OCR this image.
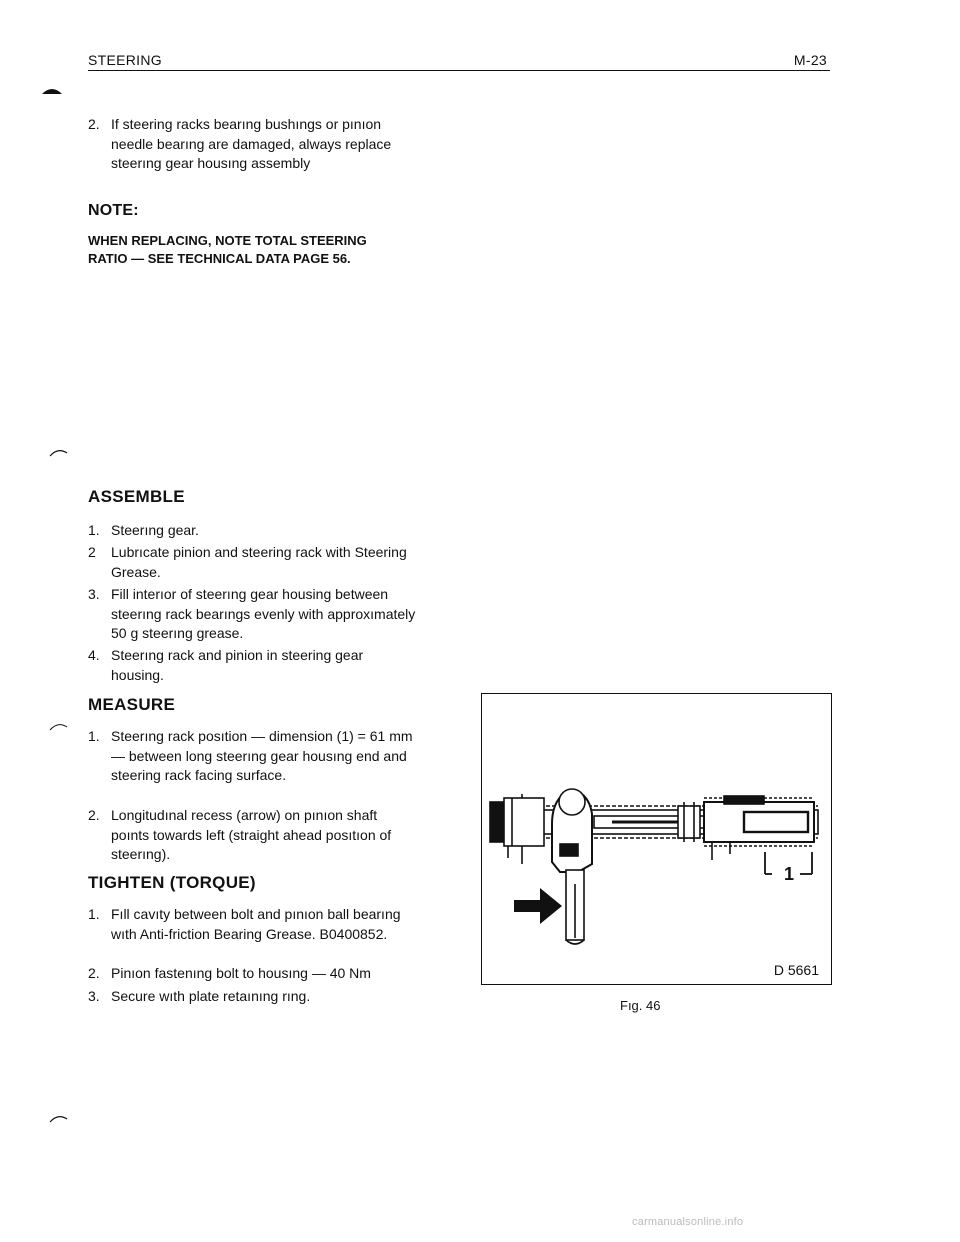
STEERING	M-23
2. If steering racks bearıng bushıngs or pınıon needle bearıng are damaged, always replace steerıng gear housıng assembly
NOTE:
WHEN REPLACING, NOTE TOTAL STEERING RATIO — SEE TECHNICAL DATA PAGE 56.
ASSEMBLE
1. Steerıng gear.
2 Lubrıcate pinion and steering rack with Steering Grease.
3. Fill interıor of steerıng gear housing between steerıng rack bearıngs evenly with approxımately 50 g steerıng grease.
4. Steerıng rack and pinion in steering gear housing.
MEASURE
1. Steerıng rack posıtion — dimension (1) = 61 mm — between long steerıng gear housıng end and steering rack facing surface.
2. Longitudınal recess (arrow) on pınıon shaft poınts towards left (straight ahead posıtıon of steerıng).
TIGHTEN (TORQUE)
1. Fıll cavıty between bolt and pınıon ball bearıng wıth Anti-friction Bearing Grease. B0400852.
2. Pinıon fastenıng bolt to housıng — 40 Nm
3. Secure wıth plate retaınıng rıng.
1
D 5661
Fıg. 46
carmanualsonline.info
